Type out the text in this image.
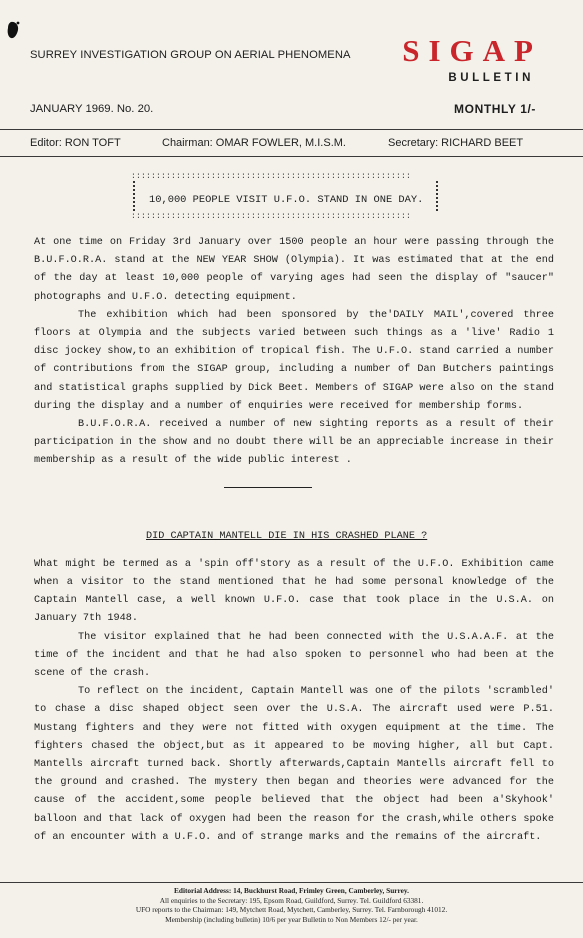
SURREY INVESTIGATION GROUP ON AERIAL PHENOMENA SIGAP
BULLETIN
JANUARY 1969. No. 20.	MONTHLY 1/-
Editor: RON TOFT	Chairman: OMAR FOWLER, M.I.S.M.	Secretary: RICHARD BEET
::::::::::::::::::::::::::::::::::::::::::::::::::::::::
10,000 PEOPLE VISIT U.F.O. STAND IN ONE DAY.
::::::::::::::::::::::::::::::::::::::::::::::::::::::::

At one time on Friday 3rd January over 1500 people an hour were passing through the B.U.F.O.R.A. stand at the NEW YEAR SHOW (Olympia). It was estimated that at the end of the day at least 10,000 people of varying ages had seen the display of "saucer" photographs and U.F.O. detecting equipment.

The exhibition which had been sponsored by the'DAILY MAIL',covered three floors at Olympia and the subjects varied between such things as a 'live' Radio 1 disc jockey show,to an exhibition of tropical fish. The U.F.O. stand carried a number of contributions from the SIGAP group, including a number of Dan Butchers paintings and statistical graphs supplied by Dick Beet. Members of SIGAP were also on the stand during the display and a number of enquiries were received for membership forms.

B.U.F.O.R.A. received a number of new sighting reports as a result of their participation in the show and no doubt there will be an appreciable increase in their membership as a result of the wide public interest .

DID CAPTAIN MANTELL DIE IN HIS CRASHED PLANE ?

What might be termed as a 'spin off'story as a result of the U.F.O. Exhibition came when a visitor to the stand mentioned that he had some personal knowledge of the Captain Mantell case, a well known U.F.O. case that took place in the U.S.A. on January 7th 1948.

The visitor explained that he had been connected with the U.S.A.A.F. at the time of the incident and that he had also spoken to personnel who had been at the scene of the crash.

To reflect on the incident, Captain Mantell was one of the pilots 'scrambled' to chase a disc shaped object seen over the U.S.A. The aircraft used were P.51. Mustang fighters and they were not fitted with oxygen equipment at the time. The fighters chased the object,but as it appeared to be moving higher, all but Capt. Mantells aircraft turned back. Shortly afterwards,Captain Mantells aircraft fell to the ground and crashed. The mystery then began and theories were advanced for the cause of the accident,some people believed that the object had been a'Skyhook' balloon and that lack of oxygen had been the reason for the crash,while others spoke of an encounter with a U.F.O. and of strange marks and the remains of the aircraft.

Editorial Address: 14, Buckhurst Road, Frimley Green, Camberley, Surrey.
All enquiries to the Secretary: 195, Epsom Road, Guildford, Surrey. Tel. Guildford 63381.
UFO reports to the Chairman: 149, Mytchett Road, Mytchett, Camberley, Surrey. Tel. Farnborough 41012.
Membership (including bulletin) 10/6 per year Bulletin to Non Members 12/- per year.
